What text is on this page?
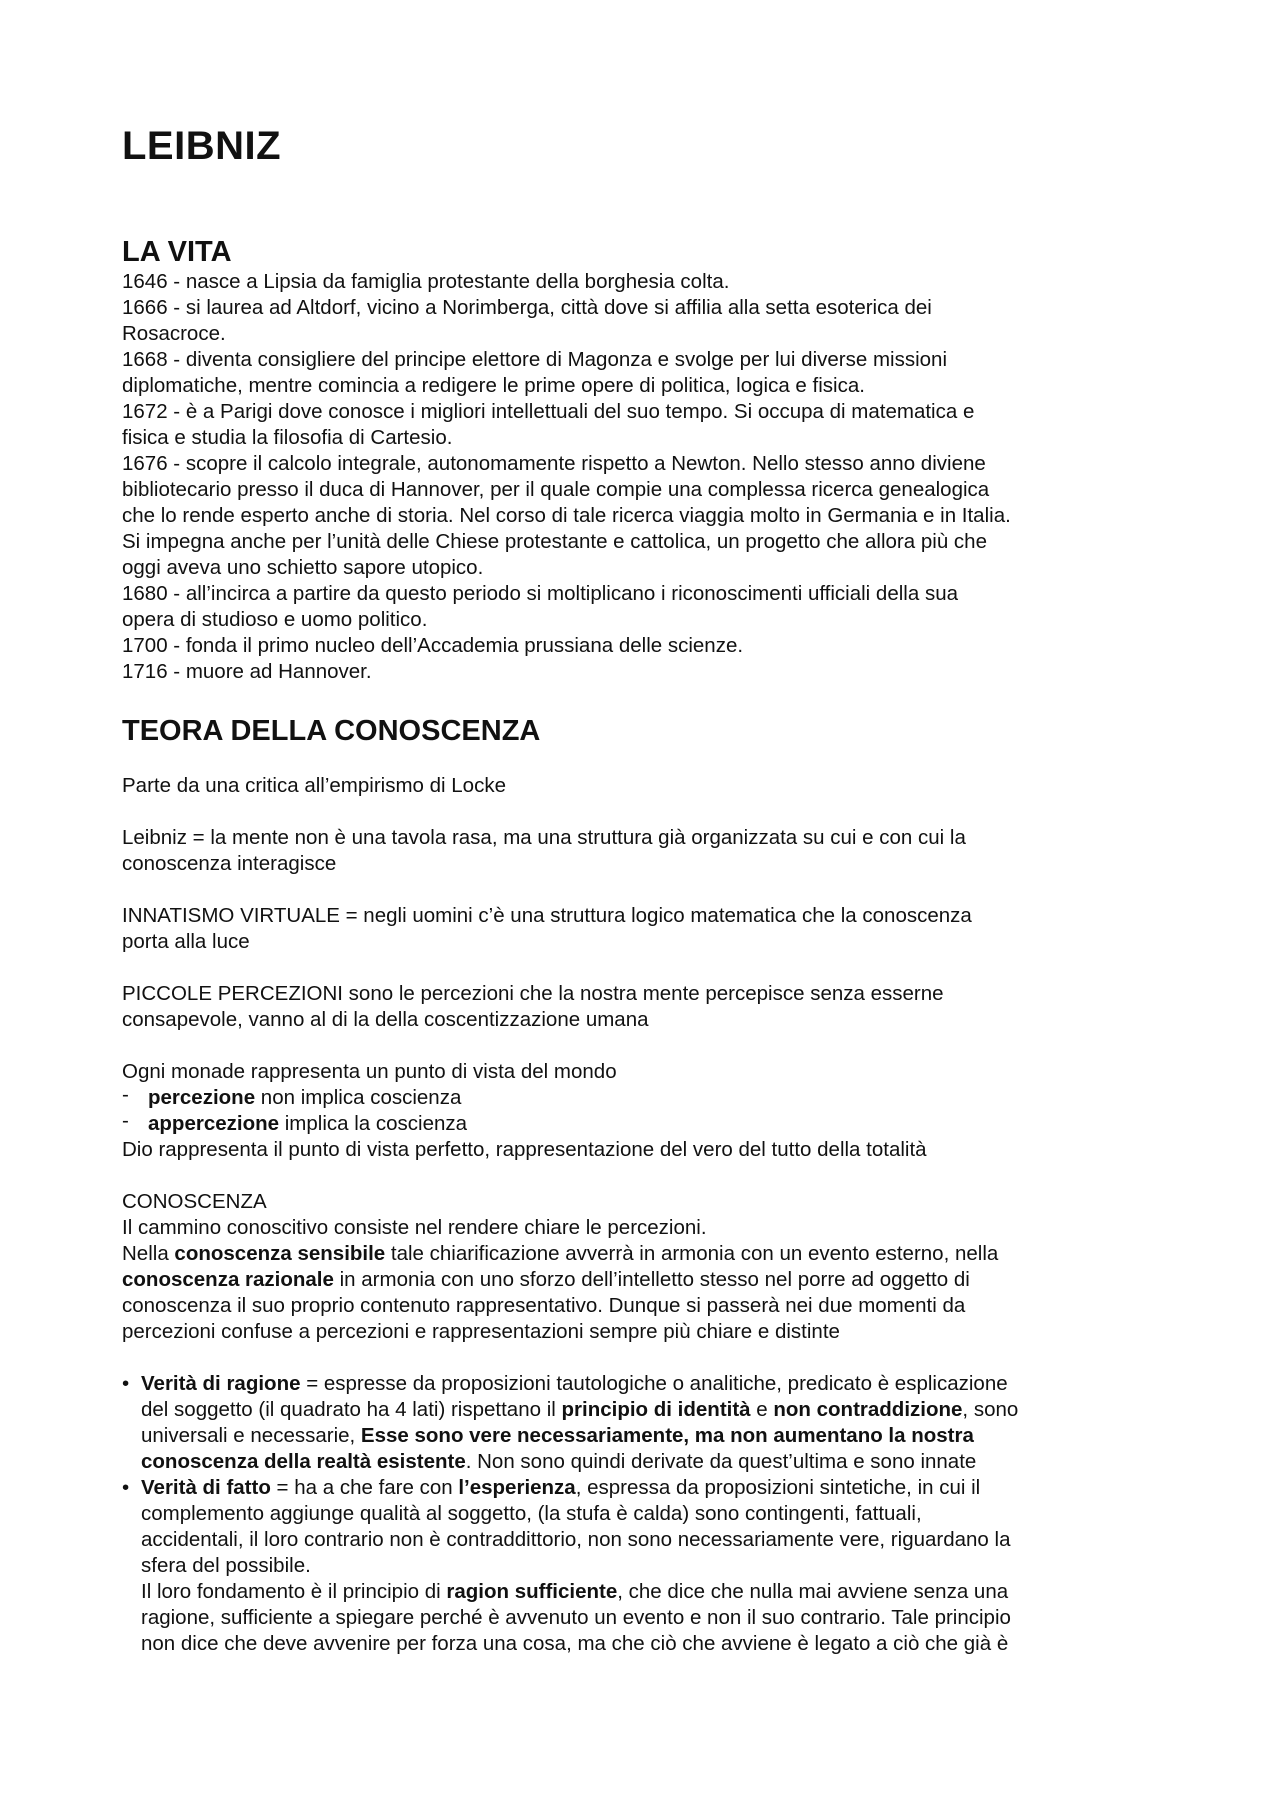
LEIBNIZ
LA VITA
1646 - nasce a Lipsia da famiglia protestante della borghesia colta.
1666 - si laurea ad Altdorf, vicino a Norimberga, città dove si affilia alla setta esoterica dei
Rosacroce.
1668 - diventa consigliere del principe elettore di Magonza e svolge per lui diverse missioni
diplomatiche, mentre comincia a redigere le prime opere di politica, logica e fisica.
1672 - è a Parigi dove conosce i migliori intellettuali del suo tempo. Si occupa di matematica e
fisica e studia la filosofia di Cartesio.
1676 - scopre il calcolo integrale, autonomamente rispetto a Newton. Nello stesso anno diviene
bibliotecario presso il duca di Hannover, per il quale compie una complessa ricerca genealogica
che lo rende esperto anche di storia. Nel corso di tale ricerca viaggia molto in Germania e in Italia.
Si impegna anche per l’unità delle Chiese protestante e cattolica, un progetto che allora più che
oggi aveva uno schietto sapore utopico.
1680 - all’incirca a partire da questo periodo si moltiplicano i riconoscimenti ufficiali della sua
opera di studioso e uomo politico.
1700 - fonda il primo nucleo dell’Accademia prussiana delle scienze.
1716 - muore ad Hannover.
TEORA DELLA CONOSCENZA
Parte da una critica all’empirismo di Locke
Leibniz = la mente non è una tavola rasa, ma una struttura già organizzata su cui e con cui la
conoscenza interagisce
INNATISMO VIRTUALE = negli uomini c’è una struttura logico matematica che la conoscenza
porta alla luce
PICCOLE PERCEZIONI sono le percezioni che la nostra mente percepisce senza esserne
consapevole, vanno al di la della coscentizzazione umana
Ogni monade rappresenta un punto di vista del mondo
- percezione non implica coscienza
- appercezione implica la coscienza
Dio rappresenta il punto di vista perfetto, rappresentazione del vero del tutto della totalità
CONOSCENZA
Il cammino conoscitivo consiste nel rendere chiare le percezioni.
Nella conoscenza sensibile tale chiarificazione avverrà in armonia con un evento esterno, nella
conoscenza razionale in armonia con uno sforzo dell’intelletto stesso nel porre ad oggetto di
conoscenza il suo proprio contenuto rappresentativo. Dunque si passerà nei due momenti da
percezioni confuse a percezioni e rappresentazioni sempre più chiare e distinte
• Verità di ragione = espresse da proposizioni tautologiche o analitiche, predicato è esplicazione
del soggetto (il quadrato ha 4 lati) rispettano il principio di identità e non contraddizione, sono
universali e necessarie, Esse sono vere necessariamente, ma non aumentano la nostra
conoscenza della realtà esistente. Non sono quindi derivate da quest’ultima e sono innate
• Verità di fatto = ha a che fare con l’esperienza, espressa da proposizioni sintetiche, in cui il
complemento aggiunge qualità al soggetto, (la stufa è calda) sono contingenti, fattuali,
accidentali, il loro contrario non è contraddittorio, non sono necessariamente vere, riguardano la
sfera del possibile.
Il loro fondamento è il principio di ragion sufficiente, che dice che nulla mai avviene senza una
ragione, sufficiente a spiegare perché è avvenuto un evento e non il suo contrario. Tale principio
non dice che deve avvenire per forza una cosa, ma che ciò che avviene è legato a ciò che già è
